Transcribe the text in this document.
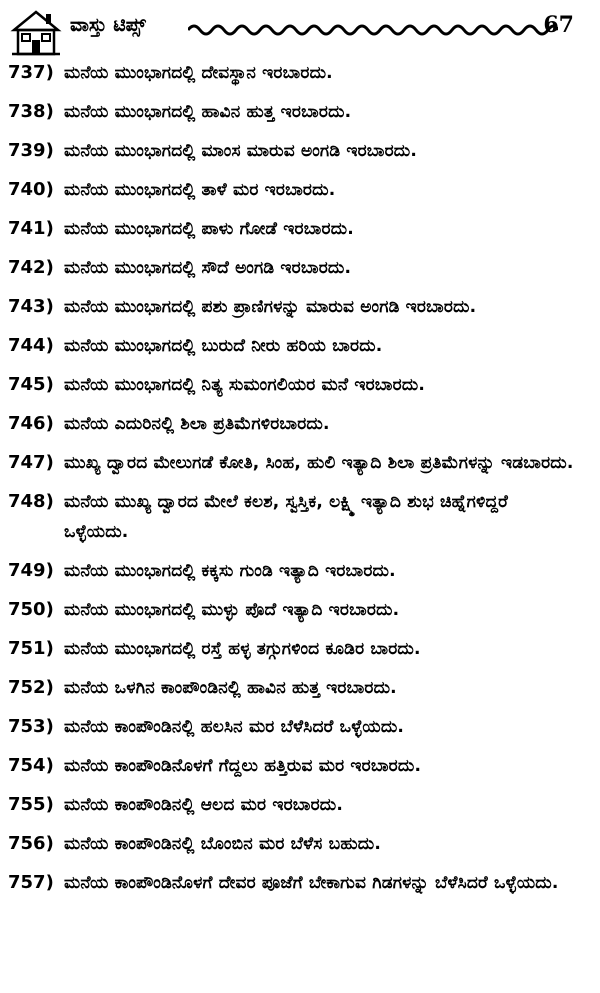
ವಾಸ್ತು ಟಿಪ್ಸ್	67
737) ಮನೆಯ ಮುಂಭಾಗದಲ್ಲಿ ದೇವಸ್ಥಾನ ಇರಬಾರದು.
738) ಮನೆಯ ಮುಂಭಾಗದಲ್ಲಿ ಹಾವಿನ ಹುತ್ತ ಇರಬಾರದು.
739) ಮನೆಯ ಮುಂಭಾಗದಲ್ಲಿ ಮಾಂಸ ಮಾರುವ ಅಂಗಡಿ ಇರಬಾರದು.
740) ಮನೆಯ ಮುಂಭಾಗದಲ್ಲಿ ತಾಳೆ ಮರ ಇರಬಾರದು.
741) ಮನೆಯ ಮುಂಭಾಗದಲ್ಲಿ ಪಾಳು ಗೋಡೆ ಇರಬಾರದು.
742) ಮನೆಯ ಮುಂಭಾಗದಲ್ಲಿ ಸೌದೆ ಅಂಗಡಿ ಇರಬಾರದು.
743) ಮನೆಯ ಮುಂಭಾಗದಲ್ಲಿ ಪಶು ಪ್ರಾಣಿಗಳನ್ನು ಮಾರುವ ಅಂಗಡಿ ಇರಬಾರದು.
744) ಮನೆಯ ಮುಂಭಾಗದಲ್ಲಿ ಬುರುದೆ ನೀರು ಹರಿಯ ಬಾರದು.
745) ಮನೆಯ ಮುಂಭಾಗದಲ್ಲಿ ನಿತ್ಯ ಸುಮಂಗಲಿಯರ ಮನೆ ಇರಬಾರದು.
746) ಮನೆಯ ಎದುರಿನಲ್ಲಿ ಶಿಲಾ ಪ್ರತಿಮೆಗಳಿರಬಾರದು.
747) ಮುಖ್ಯ ದ್ವಾರದ ಮೇಲುಗಡೆ ಕೋತಿ, ಸಿಂಹ, ಹುಲಿ ಇತ್ಯಾದಿ ಶಿಲಾ ಪ್ರತಿಮೆಗಳನ್ನು ಇಡಬಾರದು.
748) ಮನೆಯ ಮುಖ್ಯ ದ್ವಾರದ ಮೇಲೆ ಕಲಶ, ಸ್ವಸ್ತಿಕ, ಲಕ್ಷ್ಮಿ ಇತ್ಯಾದಿ ಶುಭ ಚಿಹ್ನೆಗಳಿದ್ದರೆ ಒಳ್ಳೆಯದು.
749) ಮನೆಯ ಮುಂಭಾಗದಲ್ಲಿ ಕಕ್ಕಸು ಗುಂಡಿ ಇತ್ಯಾದಿ ಇರಬಾರದು.
750) ಮನೆಯ ಮುಂಭಾಗದಲ್ಲಿ ಮುಳ್ಳು ಪೊದೆ ಇತ್ಯಾದಿ ಇರಬಾರದು.
751) ಮನೆಯ ಮುಂಭಾಗದಲ್ಲಿ ರಸ್ತೆ ಹಳ್ಳ ತಗ್ಗುಗಳಿಂದ ಕೂಡಿರ ಬಾರದು.
752) ಮನೆಯ ಒಳಗಿನ ಕಾಂಪೌಂಡಿನಲ್ಲಿ ಹಾವಿನ ಹುತ್ತ ಇರಬಾರದು.
753) ಮನೆಯ ಕಾಂಪೌಂಡಿನಲ್ಲಿ ಹಲಸಿನ ಮರ ಬೆಳೆಸಿದರೆ ಒಳ್ಳೆಯದು.
754) ಮನೆಯ ಕಾಂಪೌಂಡಿನೊಳಗೆ ಗೆದ್ದಲು ಹತ್ತಿರುವ ಮರ ಇರಬಾರದು.
755) ಮನೆಯ ಕಾಂಪೌಂಡಿನಲ್ಲಿ ಆಲದ ಮರ ಇರಬಾರದು.
756) ಮನೆಯ ಕಾಂಪೌಂಡಿನಲ್ಲಿ ಬೊಂಬಿನ ಮರ ಬೆಳೆಸ ಬಹುದು.
757) ಮನೆಯ ಕಾಂಪೌಂಡಿನೊಳಗೆ ದೇವರ ಪೂಜೆಗೆ ಬೇಕಾಗುವ ಗಿಡಗಳನ್ನು ಬೆಳೆಸಿದರೆ ಒಳ್ಳೆಯದು.
